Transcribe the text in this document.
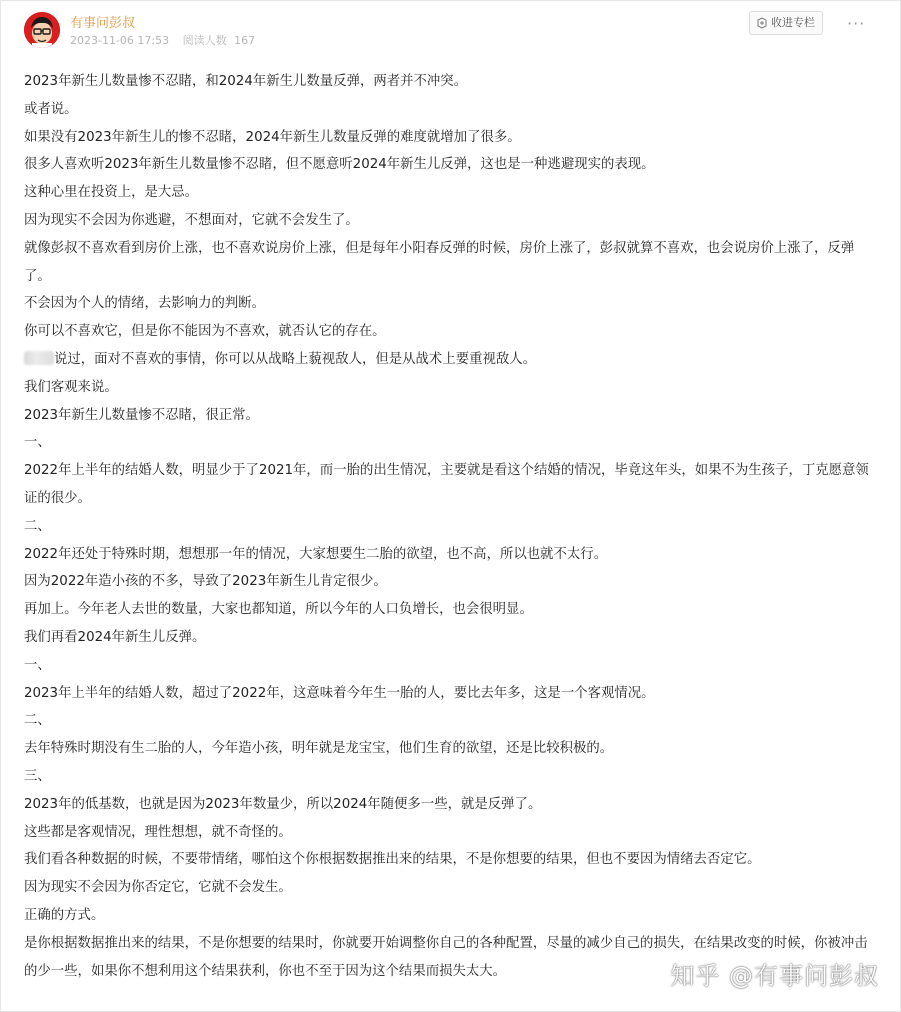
有事问彭叔
2023-11-06 17:53 阅读人数 167
收进专栏 ···

2023年新生儿数量惨不忍睹，和2024年新生儿数量反弹，两者并不冲突。

或者说。

如果没有2023年新生儿的惨不忍睹，2024年新生儿数量反弹的难度就增加了很多。

很多人喜欢听2023年新生儿数量惨不忍睹，但不愿意听2024年新生儿反弹，这也是一种逃避现实的表现。

这种心里在投资上，是大忌。

因为现实不会因为你逃避，不想面对，它就不会发生了。

就像彭叔不喜欢看到房价上涨，也不喜欢说房价上涨，但是每年小阳春反弹的时候，房价上涨了，彭叔就算不喜欢，也会说房价上涨了，反弹了。

不会因为个人的情绪，去影响力的判断。

你可以不喜欢它，但是你不能因为不喜欢，就否认它的存在。

说过，面对不喜欢的事情，你可以从战略上藐视敌人，但是从战术上要重视敌人。

我们客观来说。

2023年新生儿数量惨不忍睹，很正常。

一、

2022年上半年的结婚人数，明显少于了2021年，而一胎的出生情况，主要就是看这个结婚的情况，毕竟这年头，如果不为生孩子，丁克愿意领证的很少。

二、

2022年还处于特殊时期，想想那一年的情况，大家想要生二胎的欲望，也不高，所以也就不太行。

因为2022年造小孩的不多，导致了2023年新生儿肯定很少。

再加上。今年老人去世的数量，大家也都知道，所以今年的人口负增长，也会很明显。

我们再看2024年新生儿反弹。

一、

2023年上半年的结婚人数，超过了2022年，这意味着今年生一胎的人，要比去年多，这是一个客观情况。

二、

去年特殊时期没有生二胎的人，今年造小孩，明年就是龙宝宝，他们生育的欲望，还是比较积极的。

三、

2023年的低基数，也就是因为2023年数量少，所以2024年随便多一些，就是反弹了。

这些都是客观情况，理性想想，就不奇怪的。

我们看各种数据的时候，不要带情绪，哪怕这个你根据数据推出来的结果，不是你想要的结果，但也不要因为情绪去否定它。

因为现实不会因为你否定它，它就不会发生。

正确的方式。

是你根据数据推出来的结果，不是你想要的结果时，你就要开始调整你自己的各种配置，尽量的减少自己的损失，在结果改变的时候，你被冲击的少一些，如果你不想利用这个结果获利，你也不至于因为这个结果而损失太大。	知乎 @有事问彭叔
